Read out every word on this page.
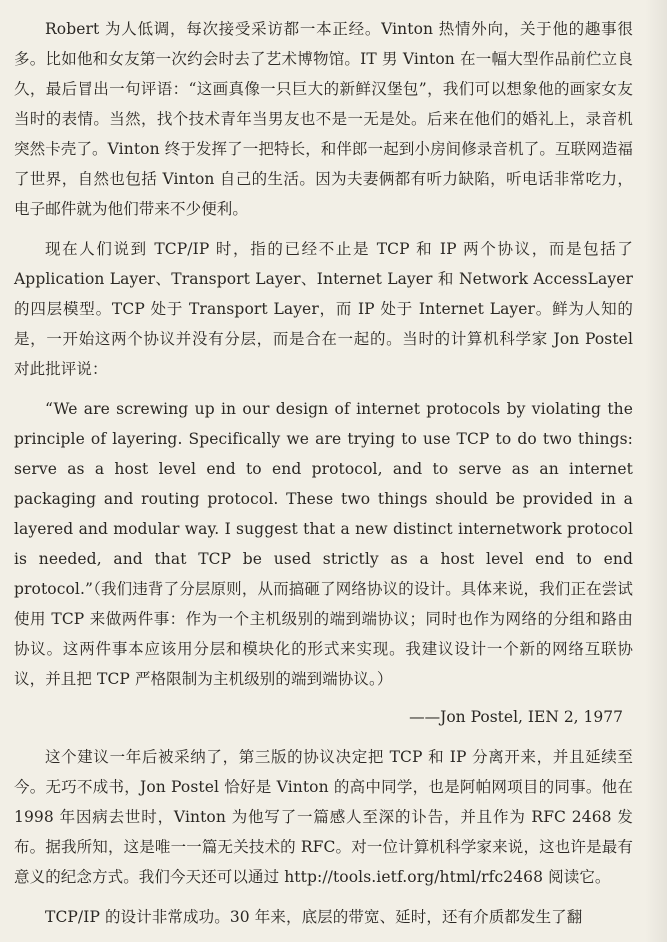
Robert 为人低调，每次接受采访都一本正经。Vinton 热情外向，关于他的趣事很多。比如他和女友第一次约会时去了艺术博物馆。IT 男 Vinton 在一幅大型作品前伫立良久，最后冒出一句评语：“这画真像一只巨大的新鲜汉堡包”，我们可以想象他的画家女友当时的表情。当然，找个技术青年当男友也不是一无是处。后来在他们的婚礼上，录音机突然卡壳了。Vinton 终于发挥了一把特长，和伴郎一起到小房间修录音机了。互联网造福了世界，自然也包括 Vinton 自己的生活。因为夫妻俩都有听力缺陷，听电话非常吃力，电子邮件就为他们带来不少便利。

现在人们说到 TCP/IP 时，指的已经不止是 TCP 和 IP 两个协议，而是包括了 Application Layer、Transport Layer、Internet Layer 和 Network AccessLayer 的四层模型。TCP 处于 Transport Layer，而 IP 处于 Internet Layer。鲜为人知的是，一开始这两个协议并没有分层，而是合在一起的。当时的计算机科学家 Jon Postel 对此批评说：

“We are screwing up in our design of internet protocols by violating the principle of layering. Specifically we are trying to use TCP to do two things: serve as a host level end to end protocol, and to serve as an internet packaging and routing protocol. These two things should be provided in a layered and modular way. I suggest that a new distinct internetwork protocol is needed, and that TCP be used strictly as a host level end to end protocol.”（我们违背了分层原则，从而搞砸了网络协议的设计。具体来说，我们正在尝试使用 TCP 来做两件事：作为一个主机级别的端到端协议；同时也作为网络的分组和路由协议。这两件事本应该用分层和模块化的形式来实现。我建议设计一个新的网络互联协议，并且把 TCP 严格限制为主机级别的端到端协议。）

——Jon Postel, IEN 2, 1977

这个建议一年后被采纳了，第三版的协议决定把 TCP 和 IP 分离开来，并且延续至今。无巧不成书，Jon Postel 恰好是 Vinton 的高中同学，也是阿帕网项目的同事。他在 1998 年因病去世时，Vinton 为他写了一篇感人至深的讣告，并且作为 RFC 2468 发布。据我所知，这是唯一一篇无关技术的 RFC。对一位计算机科学家来说，这也许是最有意义的纪念方式。我们今天还可以通过 http://tools.ietf.org/html/rfc2468 阅读它。

TCP/IP 的设计非常成功。30 年来，底层的带宽、延时，还有介质都发生了翻
